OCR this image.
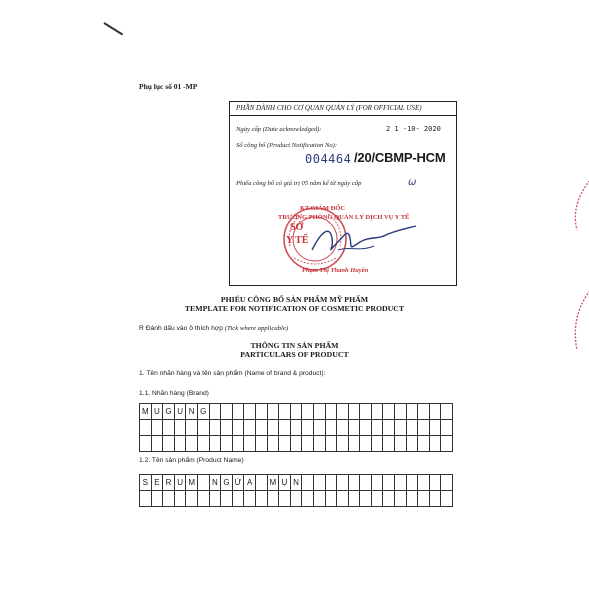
Phụ lục số 01 -MP
PHẦN DÀNH CHO CƠ QUAN QUẢN LÝ (FOR OFFICIAL USE)
Ngày cấp (Date acknowledged):	2 1 -10- 2020
Số công bố (Product Notification No):
004464 /20/CBMP-HCM
Phiếu công bố có giá trị 05 năm kể từ ngày cấp	ω
KT.GIÁM ĐỐC
TRƯỞNG PHÒNG QUẢN LÝ DỊCH VỤ Y TẾ
SỞ
Y TẾ
Phạm Thị Thanh Huyền
PHIẾU CÔNG BỐ SẢN PHẨM MỸ PHẨM
TEMPLATE FOR NOTIFICATION OF COSMETIC PRODUCT
R Đánh dấu vào ô thích hợp (Tick where applicable)
THÔNG TIN SẢN PHẨM
PARTICULARS OF PRODUCT
1. Tên nhãn hàng và tên sản phẩm (Name of brand & product):
1.1. Nhãn hàng (Brand)
M U G U N G
1.2. Tên sản phẩm (Product Name)
S E R U M	N G Ứ A	M Ụ N
